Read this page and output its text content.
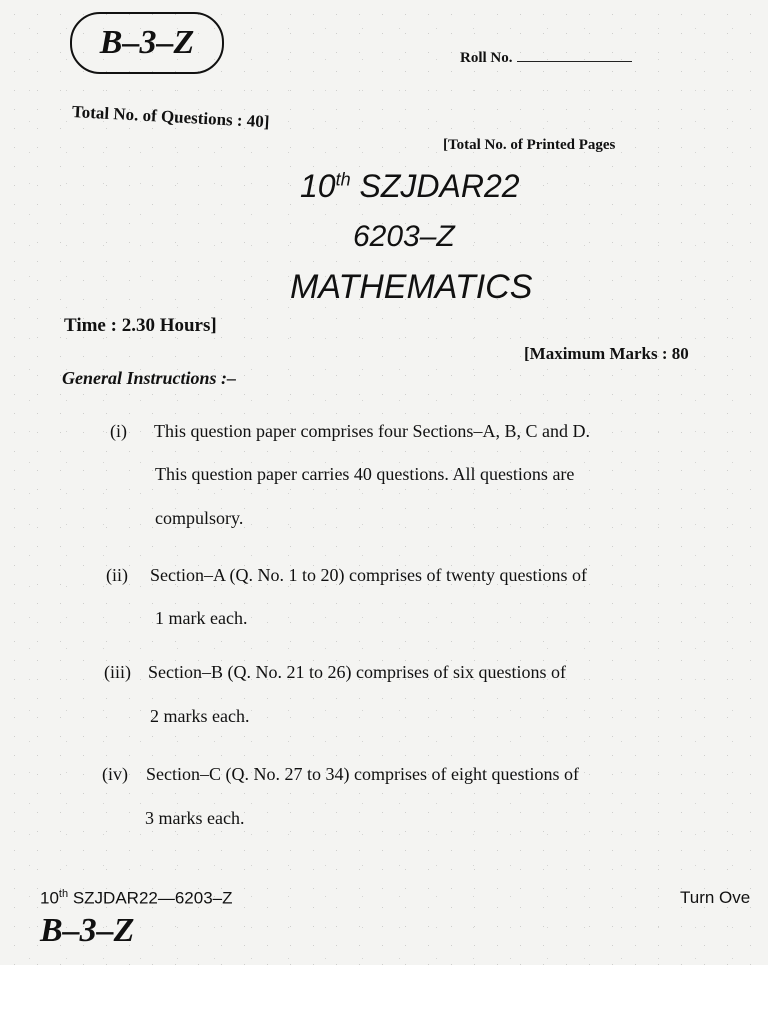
B–3–Z	Roll No.
Total No. of Questions : 40]
[Total No. of Printed Pages
10th SZJDAR22
6203–Z
MATHEMATICS
Time : 2.30 Hours]
[Maximum Marks : 80
General Instructions :–
(i) This question paper comprises four Sections–A, B, C and D.
This question paper carries 40 questions. All questions are
compulsory.
(ii) Section–A (Q. No. 1 to 20) comprises of twenty questions of
1 mark each.
(iii) Section–B (Q. No. 21 to 26) comprises of six questions of
2 marks each.
(iv) Section–C (Q. No. 27 to 34) comprises of eight questions of
3 marks each.
10th SZJDAR22—6203–Z	Turn Ove
B–3–Z
